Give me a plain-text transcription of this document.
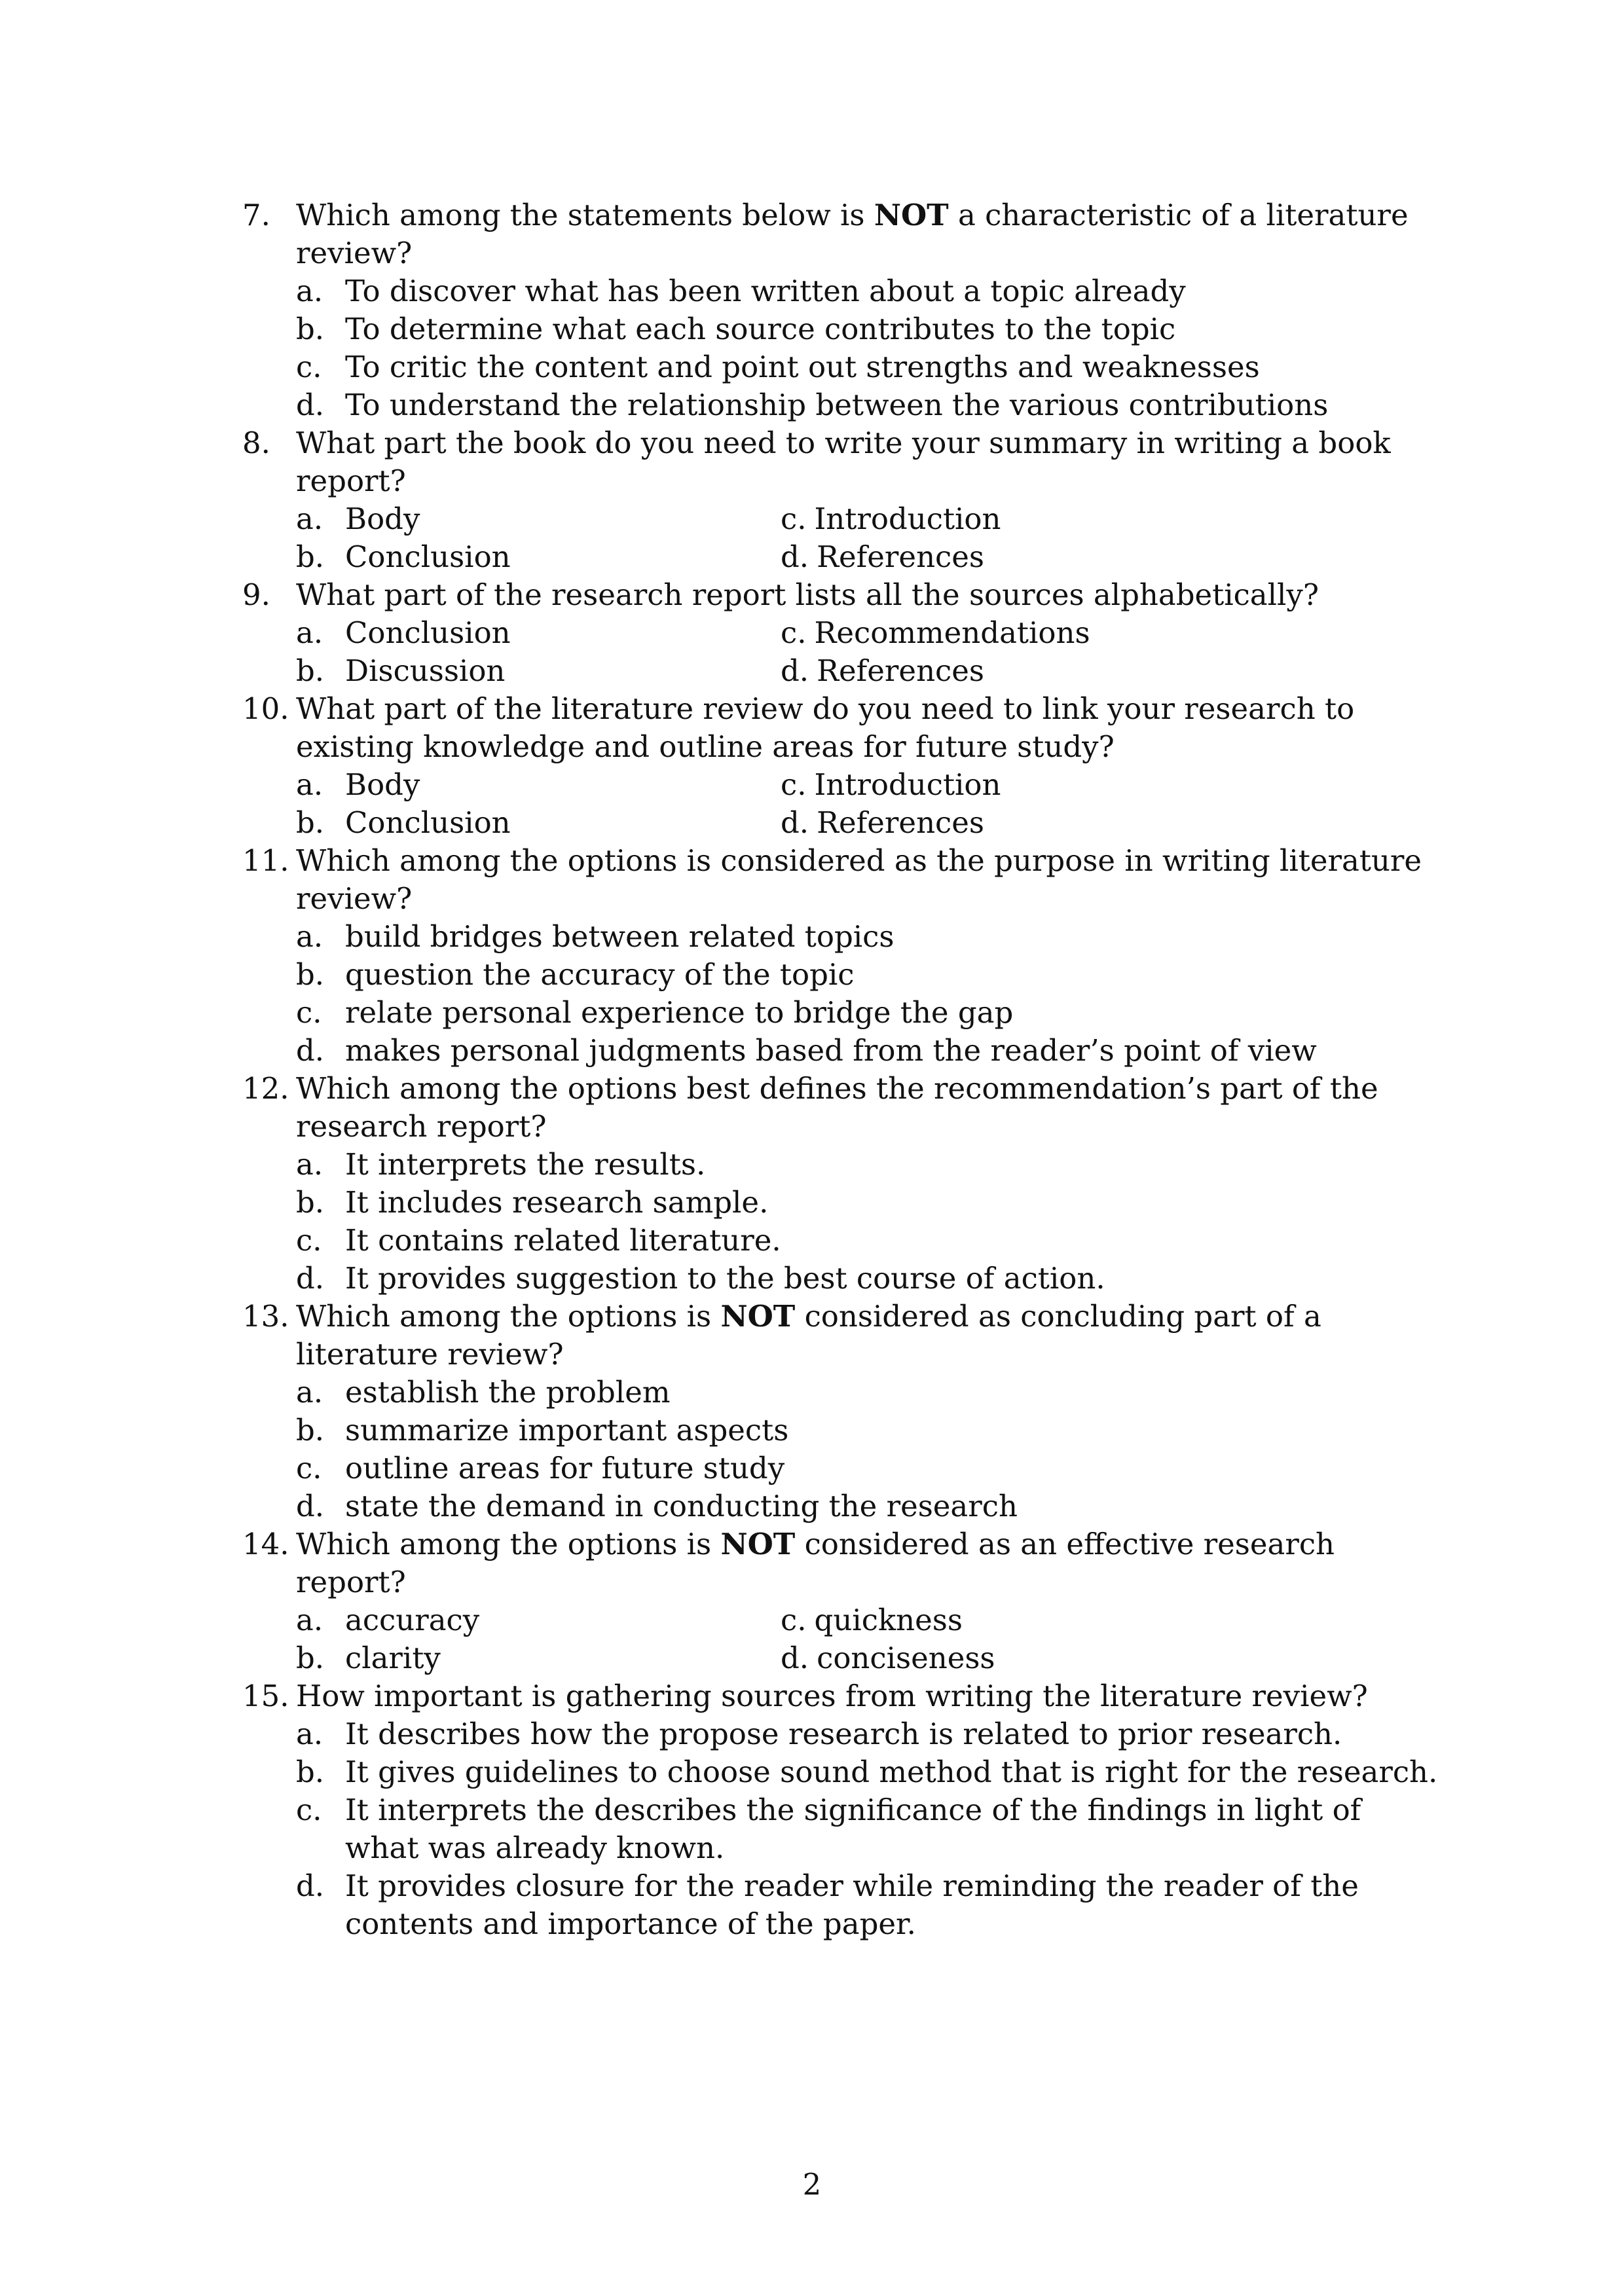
7. Which among the statements below is NOT a characteristic of a literature review?
a. To discover what has been written about a topic already
b. To determine what each source contributes to the topic
c. To critic the content and point out strengths and weaknesses
d. To understand the relationship between the various contributions
8. What part the book do you need to write your summary in writing a book report?
a. Body	c. Introduction
b. Conclusion	d. References
9. What part of the research report lists all the sources alphabetically?
a. Conclusion	c. Recommendations
b. Discussion	d. References
10. What part of the literature review do you need to link your research to existing knowledge and outline areas for future study?
a. Body	c. Introduction
b. Conclusion	d. References
11. Which among the options is considered as the purpose in writing literature review?
a. build bridges between related topics
b. question the accuracy of the topic
c. relate personal experience to bridge the gap
d. makes personal judgments based from the reader’s point of view
12. Which among the options best defines the recommendation’s part of the research report?
a. It interprets the results.
b. It includes research sample.
c. It contains related literature.
d. It provides suggestion to the best course of action.
13. Which among the options is NOT considered as concluding part of a literature review?
a. establish the problem
b. summarize important aspects
c. outline areas for future study
d. state the demand in conducting the research
14. Which among the options is NOT considered as an effective research report?
a. accuracy	c. quickness
b. clarity	d. conciseness
15. How important is gathering sources from writing the literature review?
a. It describes how the propose research is related to prior research.
b. It gives guidelines to choose sound method that is right for the research.
c. It interprets the describes the significance of the findings in light of what was already known.
d. It provides closure for the reader while reminding the reader of the contents and importance of the paper.
2
